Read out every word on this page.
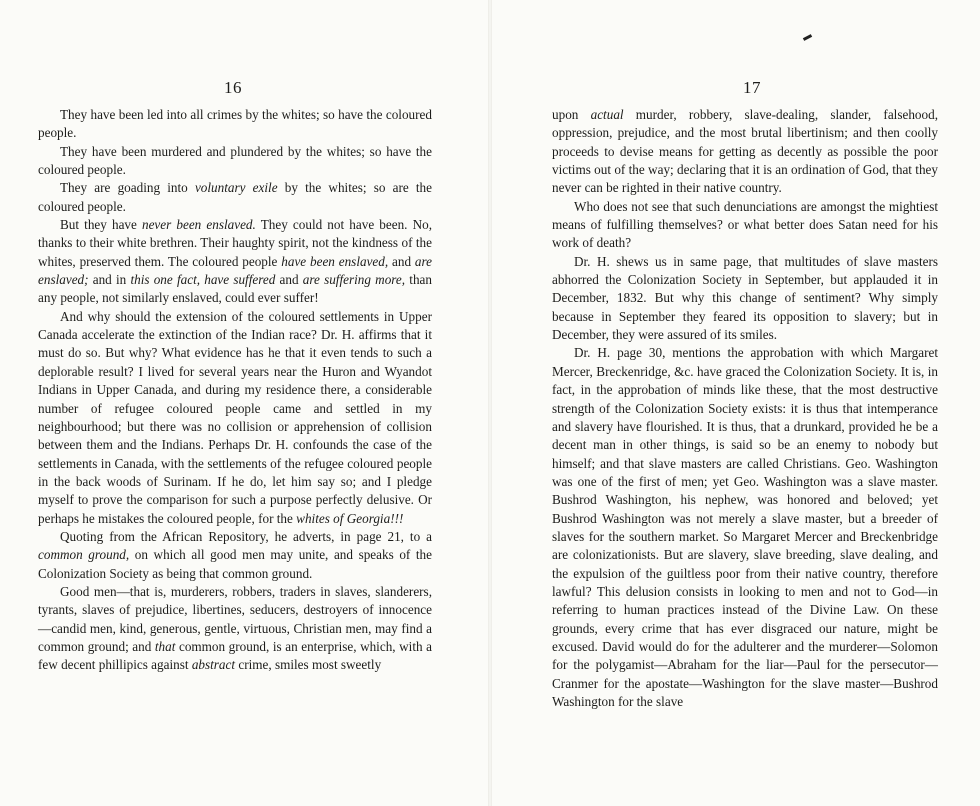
16

They have been led into all crimes by the whites; so have the coloured people.

They have been murdered and plundered by the whites; so have the coloured people.

They are goading into voluntary exile by the whites; so are the coloured people.

But they have never been enslaved. They could not have been. No, thanks to their white brethren. Their haughty spirit, not the kindness of the whites, preserved them. The coloured people have been enslaved, and are enslaved; and in this one fact, have suffered and are suffering more, than any people, not similarly enslaved, could ever suffer!

And why should the extension of the coloured settlements in Upper Canada accelerate the extinction of the Indian race? Dr. H. affirms that it must do so. But why? What evidence has he that it even tends to such a deplorable result? I lived for several years near the Huron and Wyandot Indians in Upper Canada, and during my residence there, a considerable number of refugee coloured people came and settled in my neighbourhood; but there was no collision or apprehension of collision between them and the Indians. Perhaps Dr. H. confounds the case of the settlements in Canada, with the settlements of the refugee coloured people in the back woods of Surinam. If he do, let him say so; and I pledge myself to prove the comparison for such a purpose perfectly delusive. Or perhaps he mistakes the coloured people, for the whites of Georgia!!!

Quoting from the African Repository, he adverts, in page 21, to a common ground, on which all good men may unite, and speaks of the Colonization Society as being that common ground.

Good men—that is, murderers, robbers, traders in slaves, slanderers, tyrants, slaves of prejudice, libertines, seducers, destroyers of innocence—candid men, kind, generous, gentle, virtuous, Christian men, may find a common ground; and that common ground, is an enterprise, which, with a few decent phillipics against abstract crime, smiles most sweetly

17

upon actual murder, robbery, slave-dealing, slander, falsehood, oppression, prejudice, and the most brutal libertinism; and then coolly proceeds to devise means for getting as decently as possible the poor victims out of the way; declaring that it is an ordination of God, that they never can be righted in their native country.

Who does not see that such denunciations are amongst the mightiest means of fulfilling themselves? or what better does Satan need for his work of death?

Dr. H. shews us in same page, that multitudes of slave masters abhorred the Colonization Society in September, but applauded it in December, 1832. But why this change of sentiment? Why simply because in September they feared its opposition to slavery; but in December, they were assured of its smiles.

Dr. H. page 30, mentions the approbation with which Margaret Mercer, Breckenridge, &c. have graced the Colonization Society. It is, in fact, in the approbation of minds like these, that the most destructive strength of the Colonization Society exists: it is thus that intemperance and slavery have flourished. It is thus, that a drunkard, provided he be a decent man in other things, is said so be an enemy to nobody but himself; and that slave masters are called Christians. Geo. Washington was one of the first of men; yet Geo. Washington was a slave master. Bushrod Washington, his nephew, was honored and beloved; yet Bushrod Washington was not merely a slave master, but a breeder of slaves for the southern market. So Margaret Mercer and Breckenbridge are colonizationists. But are slavery, slave breeding, slave dealing, and the expulsion of the guiltless poor from their native country, therefore lawful? This delusion consists in looking to men and not to God—in referring to human practices instead of the Divine Law. On these grounds, every crime that has ever disgraced our nature, might be excused. David would do for the adulterer and the murderer—Solomon for the polygamist—Abraham for the liar—Paul for the persecutor—Cranmer for the apostate—Washington for the slave master—Bushrod Washington for the slave
